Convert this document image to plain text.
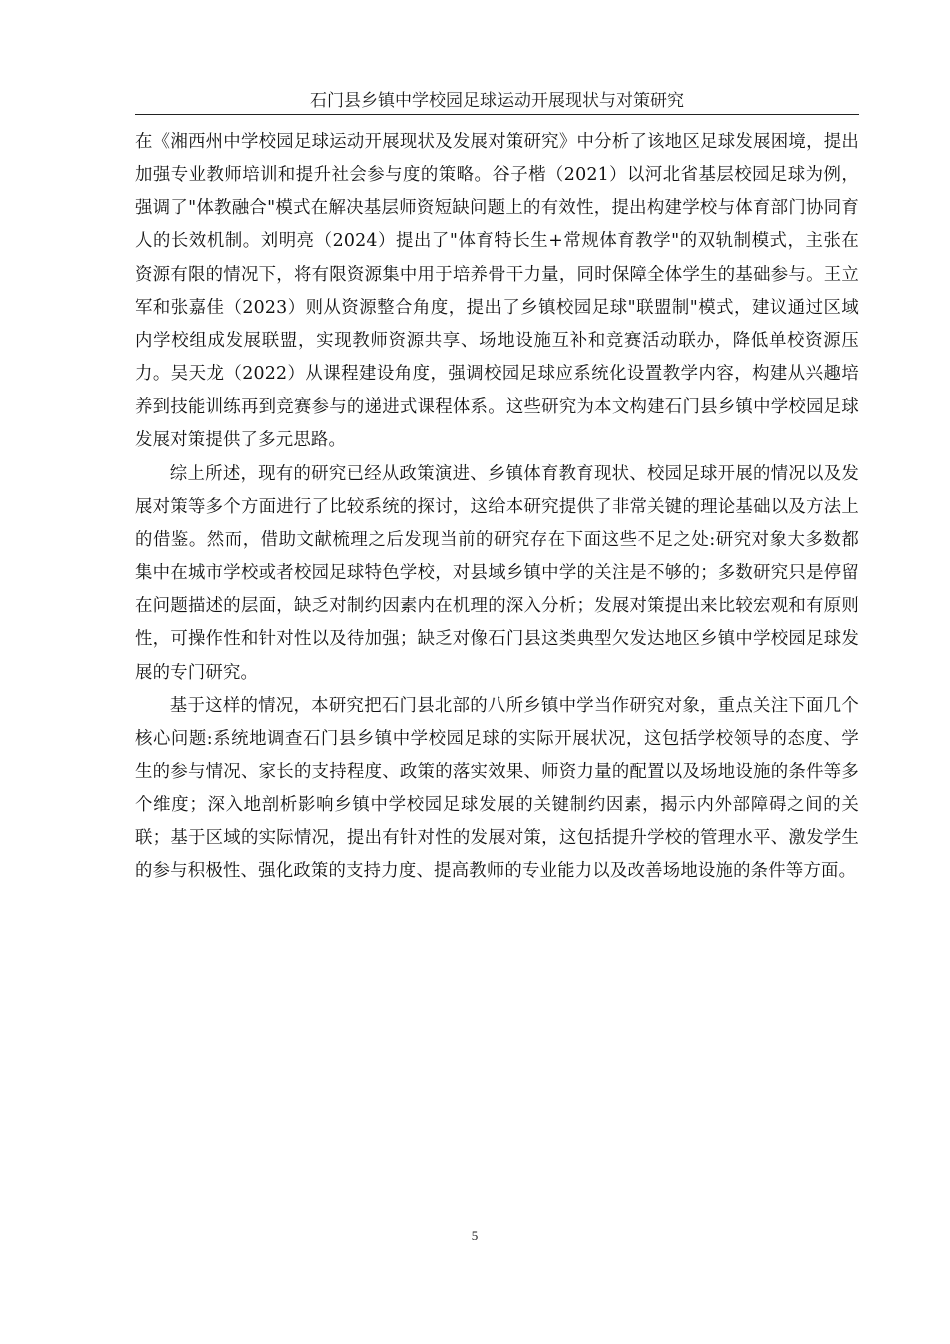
石门县乡镇中学校园足球运动开展现状与对策研究

在《湘西州中学校园足球运动开展现状及发展对策研究》中分析了该地区足球发展困境，提出加强专业教师培训和提升社会参与度的策略。谷子楷（2021）以河北省基层校园足球为例，强调了"体教融合"模式在解决基层师资短缺问题上的有效性，提出构建学校与体育部门协同育人的长效机制。刘明亮（2024）提出了"体育特长生+常规体育教学"的双轨制模式，主张在资源有限的情况下，将有限资源集中用于培养骨干力量，同时保障全体学生的基础参与。王立军和张嘉佳（2023）则从资源整合角度，提出了乡镇校园足球"联盟制"模式，建议通过区域内学校组成发展联盟，实现教师资源共享、场地设施互补和竞赛活动联办，降低单校资源压力。吴天龙（2022）从课程建设角度，强调校园足球应系统化设置教学内容，构建从兴趣培养到技能训练再到竞赛参与的递进式课程体系。这些研究为本文构建石门县乡镇中学校园足球发展对策提供了多元思路。

综上所述，现有的研究已经从政策演进、乡镇体育教育现状、校园足球开展的情况以及发展对策等多个方面进行了比较系统的探讨，这给本研究提供了非常关键的理论基础以及方法上的借鉴。然而，借助文献梳理之后发现当前的研究存在下面这些不足之处:研究对象大多数都集中在城市学校或者校园足球特色学校，对县域乡镇中学的关注是不够的；多数研究只是停留在问题描述的层面，缺乏对制约因素内在机理的深入分析；发展对策提出来比较宏观和有原则性，可操作性和针对性以及待加强；缺乏对像石门县这类典型欠发达地区乡镇中学校园足球发展的专门研究。

基于这样的情况，本研究把石门县北部的八所乡镇中学当作研究对象，重点关注下面几个核心问题:系统地调查石门县乡镇中学校园足球的实际开展状况，这包括学校领导的态度、学生的参与情况、家长的支持程度、政策的落实效果、师资力量的配置以及场地设施的条件等多个维度；深入地剖析影响乡镇中学校园足球发展的关键制约因素，揭示内外部障碍之间的关联；基于区域的实际情况，提出有针对性的发展对策，这包括提升学校的管理水平、激发学生的参与积极性、强化政策的支持力度、提高教师的专业能力以及改善场地设施的条件等方面。

5
